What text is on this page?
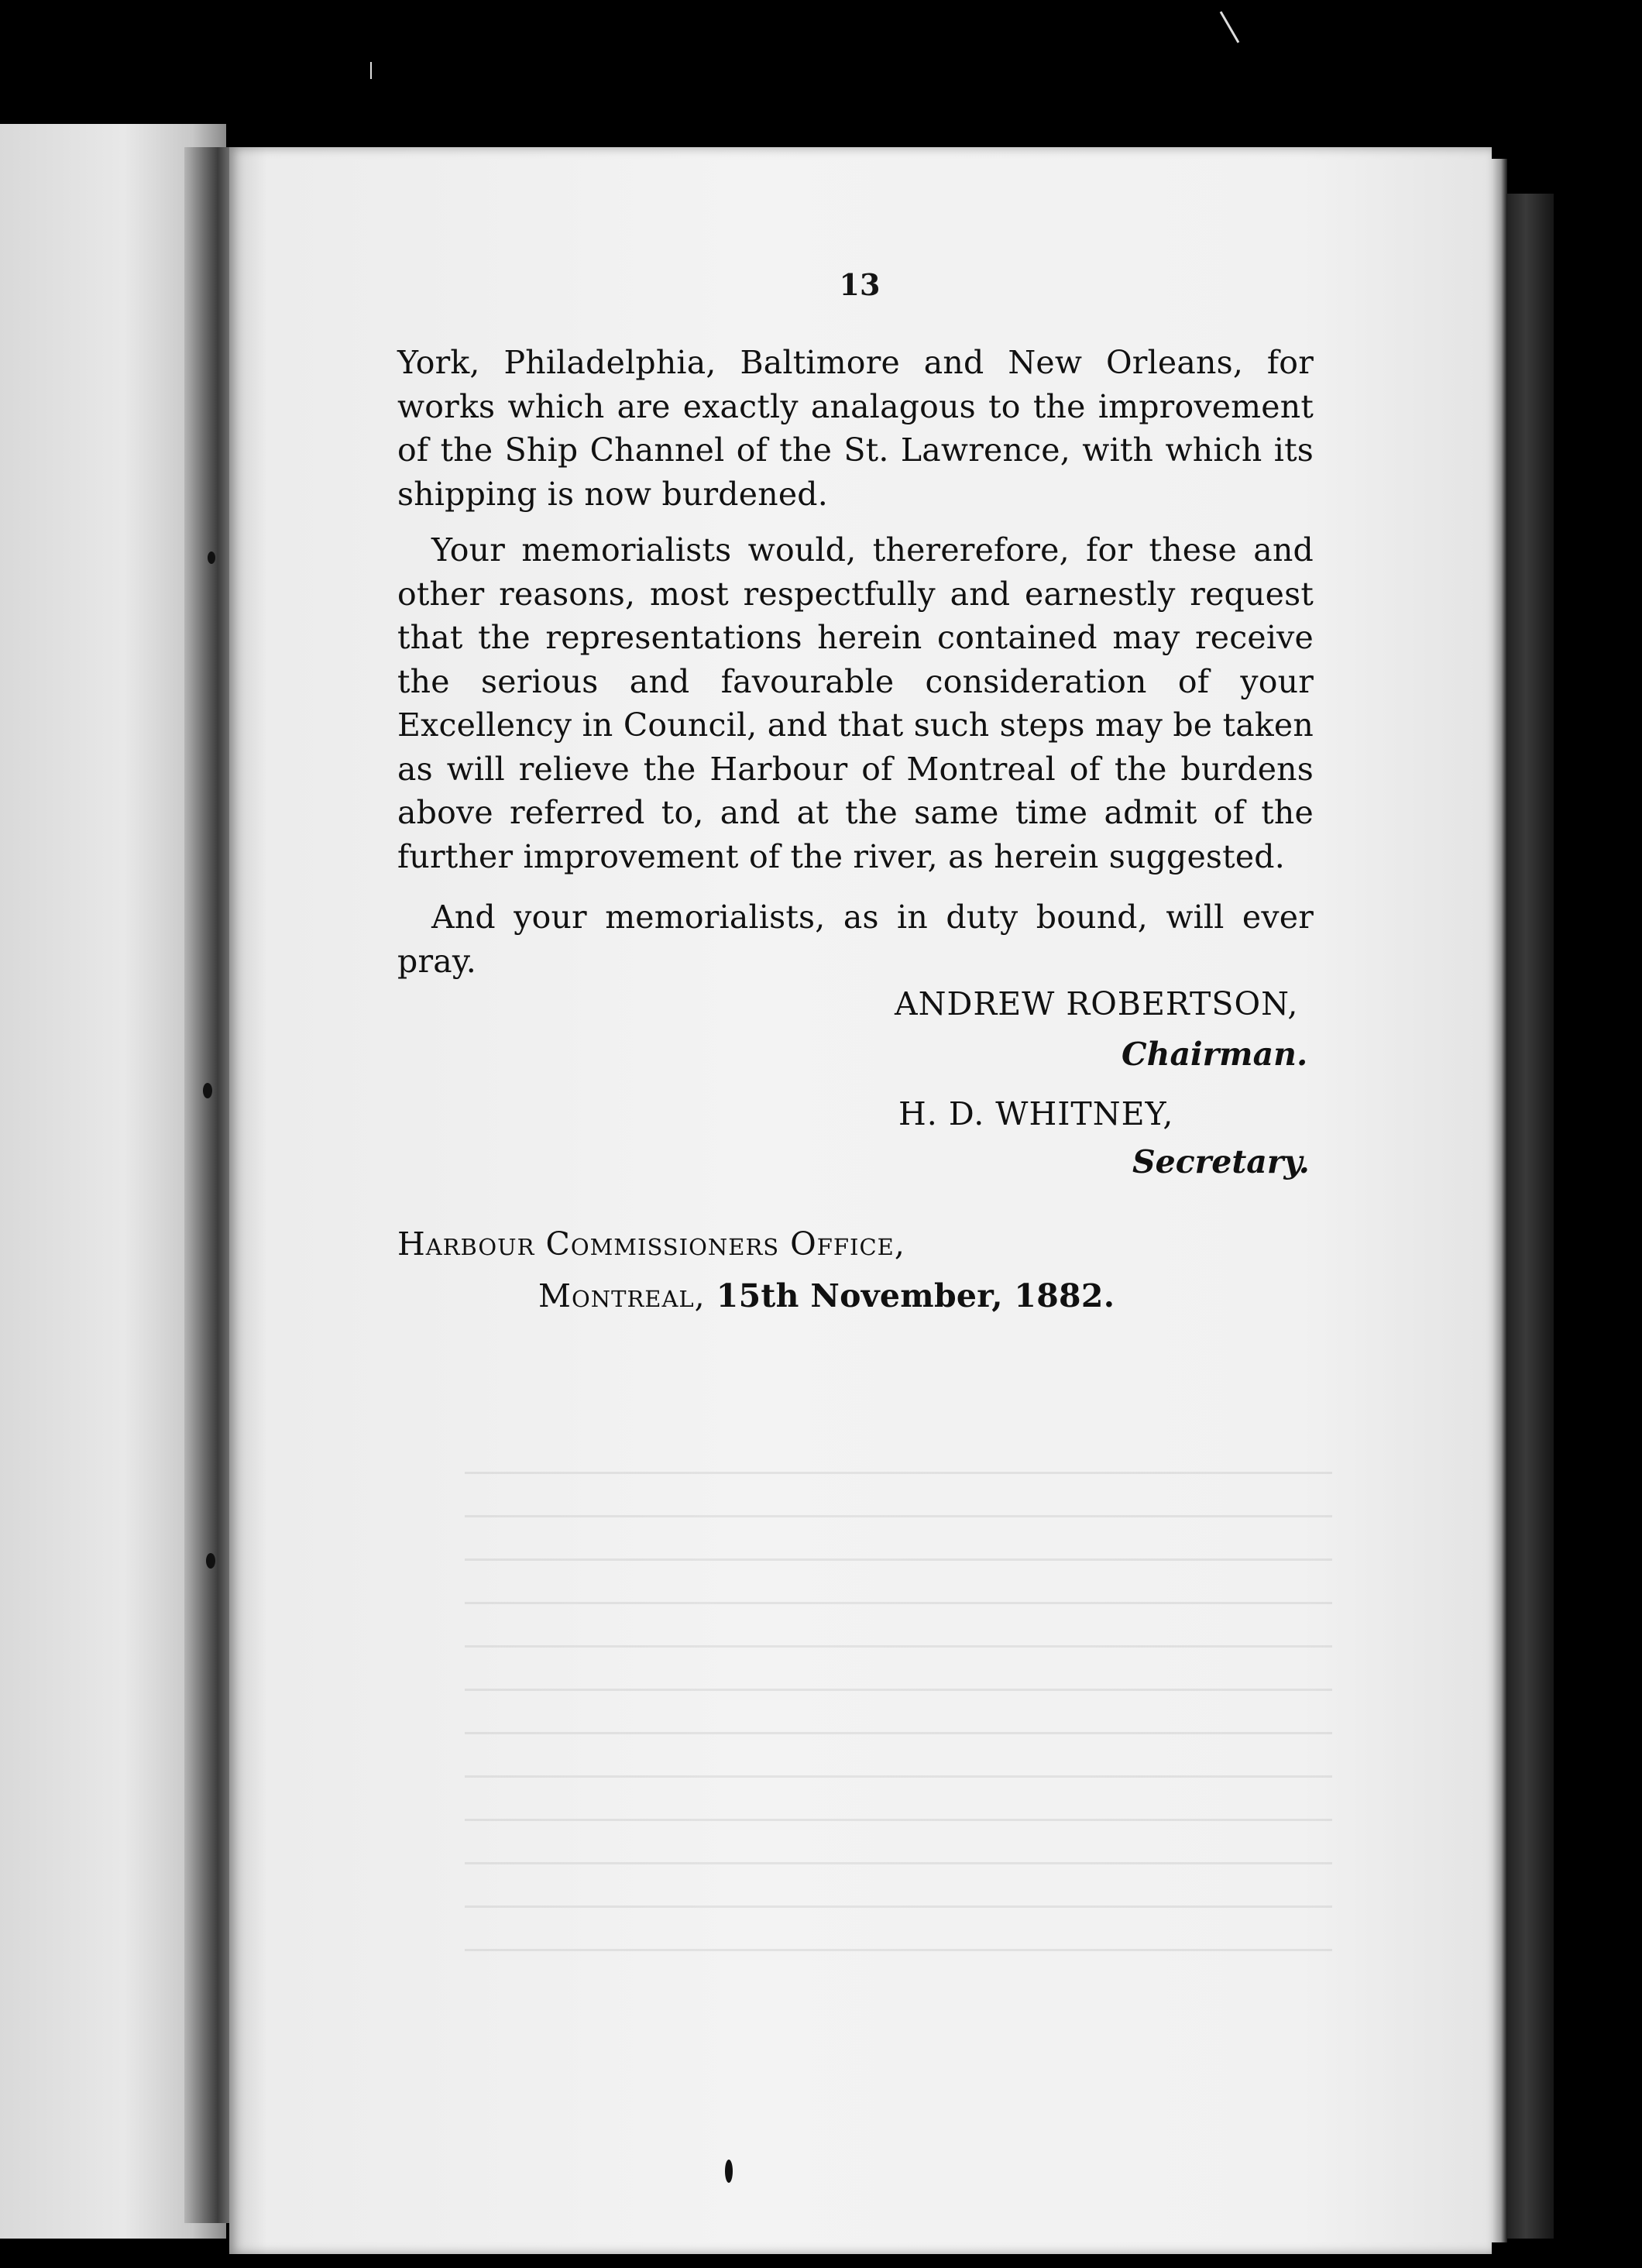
13

York, Philadelphia, Baltimore and New Orleans, for works which are exactly analagous to the improvement of the Ship Channel of the St. Lawrence, with which its shipping is now burdened.

Your memorialists would, thererefore, for these and other reasons, most respectfully and earnestly request that the representations herein contained may receive the serious and favourable consideration of your Excellency in Council, and that such steps may be taken as will relieve the Harbour of Montreal of the burdens above referred to, and at the same time admit of the further improvement of the river, as herein suggested.

And your memorialists, as in duty bound, will ever pray.

ANDREW ROBERTSON,
Chairman.
H. D. WHITNEY,
Secretary.
Harbour Commissioners Office,
Montreal, 15th November, 1882.
